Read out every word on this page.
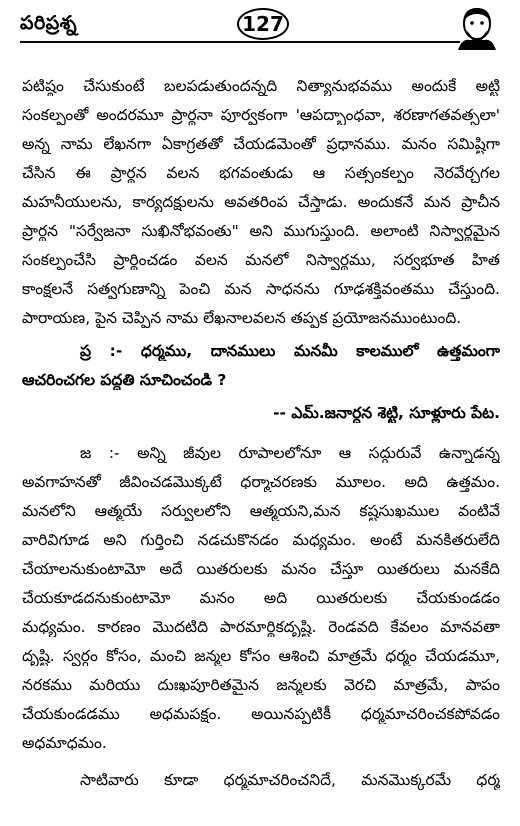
పరిప్రశ్న	127
పటిష్ఠం చేసుకుంటే బలపడుతుందన్నది నిత్యానుభవము అందుకే అట్టి
సంకల్పంతో అందరమూ ప్రార్థనా పూర్వకంగా 'ఆపద్బాంధవా, శరణాగతవత్సలా'
అన్న నామ లేఖనగా ఏకాగ్రతతో చేయడమెంతో ప్రధానము. మనం సమిష్టిగా
చేసిన ఈ ప్రార్థన వలన భగవంతుడు ఆ సత్సంకల్పం నెరవేర్చగల
మహనీయులను, కార్యదక్షులను అవతరింప చేస్తాడు. అందుకనే మన ప్రాచీన
ప్రార్థన "సర్వేజనా సుఖినోభవంతు" అని ముగుస్తుంది. అలాంటి నిస్వార్థమైన
సంకల్పంచేసి ప్రార్థించడం వలన మనలో నిస్వార్థము, సర్వభూత హిత
కాంక్షలనే సత్వగుణాన్ని పెంచి మన సాధనను గూఢశక్తివంతము చేస్తుంది.
పారాయణ, పైన చెప్పిన నామ లేఖనాలవలన తప్పక ప్రయోజనముంటుంది.
ప్ర :- ధర్మము, దానములు మనమీ కాలములో ఉత్తమంగా
ఆచరించగల పద్ధతి సూచించండి ?
-- ఎమ్.జనార్ధన శెట్టి, సూళ్లూరు పేట.
జ :- అన్ని జీవుల రూపాలలోనూ ఆ సద్గురువే ఉన్నాడన్న
అవగాహనతో జీవించడమొక్కటే ధర్మాచరణకు మూలం. అది ఉత్తమం.
మనలోని ఆత్మయే సర్వులలోని ఆత్మయని,మన కష్టసుఖముల వంటివే
వారివిగూడ అని గుర్తించి నడచుకొనడం మధ్యమం. అంటే మనకితరులేది
చేయాలనుకుంటామో అదే యితరులకు మనం చేస్తూ యితరులు మనకేది
చేయకూడదనుకుంటామో మనం అది యితరులకు చేయకుండడం
మధ్యమం. కారణం మొదటిది పారమార్థికదృష్టి. రెండవది కేవలం మానవతా
దృష్టి. స్వర్గం కోసం, మంచి జన్మల కోసం ఆశించి మాత్రమే ధర్మం చేయడమూ,
నరకము మరియు దుఃఖపూరితమైన జన్మలకు వెరచి మాత్రమే, పాపం
చేయకుండడము అధమపక్షం. అయినప్పటికీ ధర్మమాచరించకపోవడం
అధమాధమం.
సాటివారు కూడా ధర్మమాచరించనిదే, మనమొక్కరమే ధర్మ
